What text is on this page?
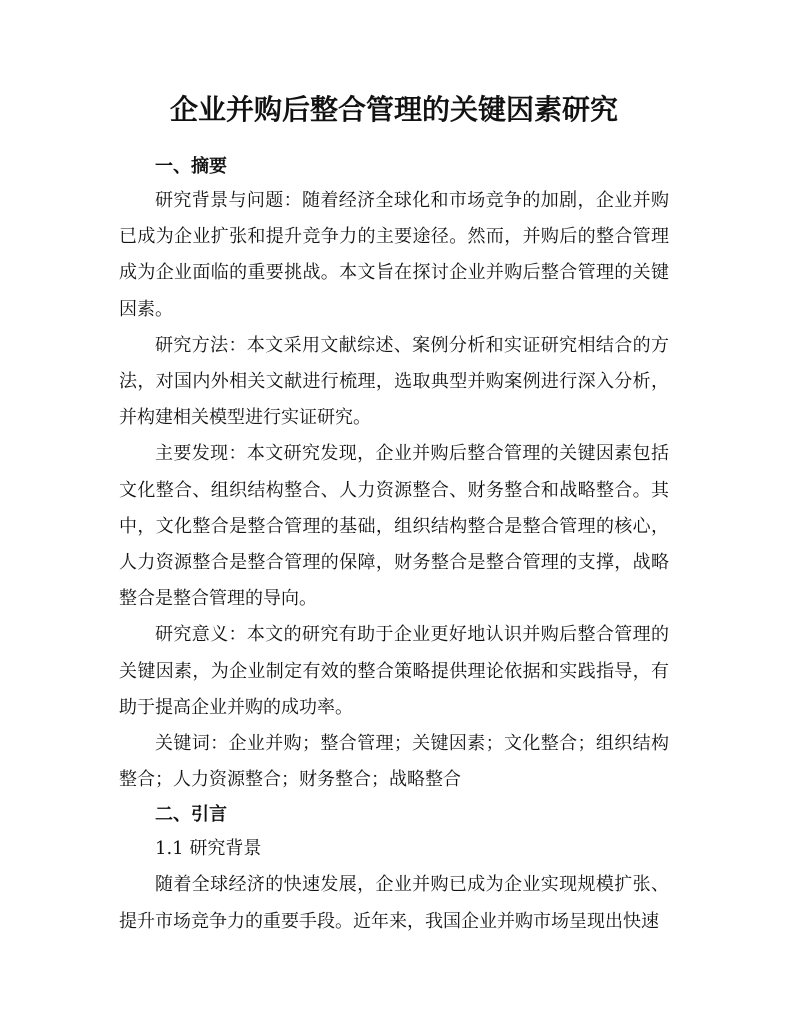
企业并购后整合管理的关键因素研究
一、摘要

研究背景与问题：随着经济全球化和市场竞争的加剧，企业并购已成为企业扩张和提升竞争力的主要途径。然而，并购后的整合管理成为企业面临的重要挑战。本文旨在探讨企业并购后整合管理的关键因素。

研究方法：本文采用文献综述、案例分析和实证研究相结合的方法，对国内外相关文献进行梳理，选取典型并购案例进行深入分析，并构建相关模型进行实证研究。

主要发现：本文研究发现，企业并购后整合管理的关键因素包括文化整合、组织结构整合、人力资源整合、财务整合和战略整合。其中，文化整合是整合管理的基础，组织结构整合是整合管理的核心，人力资源整合是整合管理的保障，财务整合是整合管理的支撑，战略整合是整合管理的导向。

研究意义：本文的研究有助于企业更好地认识并购后整合管理的关键因素，为企业制定有效的整合策略提供理论依据和实践指导，有助于提高企业并购的成功率。

关键词：企业并购；整合管理；关键因素；文化整合；组织结构整合；人力资源整合；财务整合；战略整合

二、引言
1.1 研究背景

随着全球经济的快速发展，企业并购已成为企业实现规模扩张、提升市场竞争力的重要手段。近年来，我国企业并购市场呈现出快速
